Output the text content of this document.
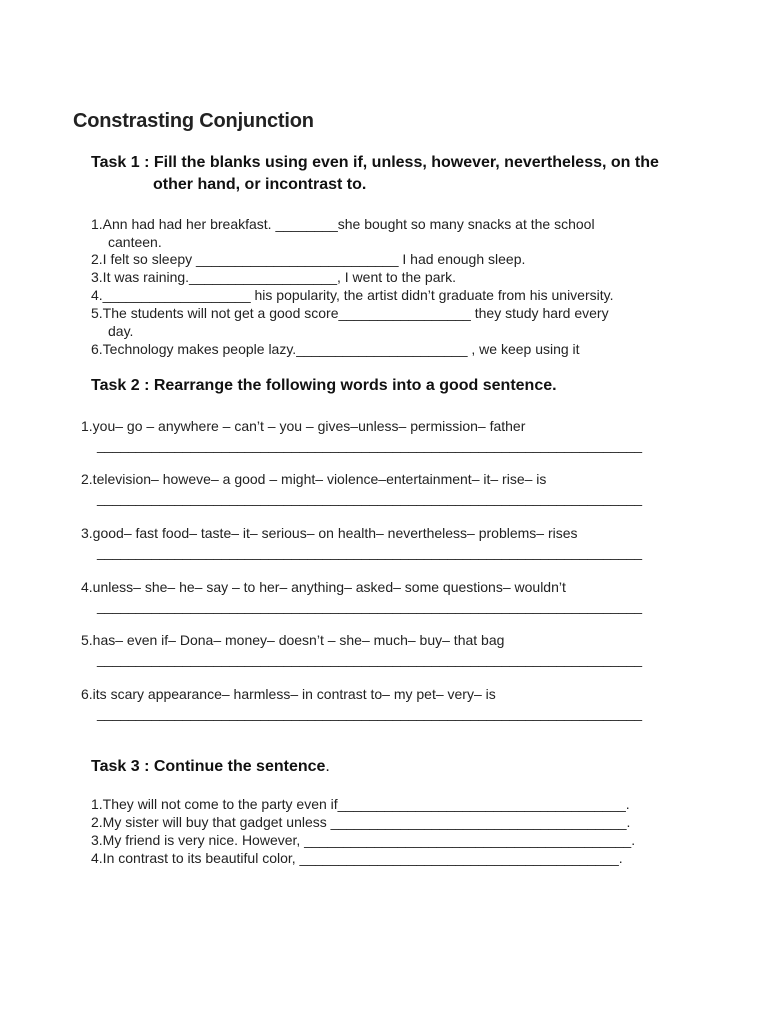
Constrasting Conjunction
Task 1 : Fill the blanks using even if, unless, however, nevertheless, on the
other hand, or incontrast to.
1.Ann had had her breakfast. ________she bought so many snacks at the school
canteen.
2.I felt so sleepy __________________________ I had enough sleep.
3.It was raining.___________________, I went to the park.
4.___________________ his popularity, the artist didn’t graduate from his university.
5.The students will not get a good score_________________ they study hard every
day.
6.Technology makes people lazy.______________________ , we keep using it
Task 2 : Rearrange the following words into a good sentence.
1.you– go – anywhere – can’t – you – gives–unless– permission– father
______________________________________________________________________
2.television– howeve– a good – might– violence–entertainment– it– rise– is
______________________________________________________________________
3.good– fast food– taste– it– serious– on health– nevertheless– problems– rises
______________________________________________________________________
4.unless– she– he– say – to her– anything– asked– some questions– wouldn’t
______________________________________________________________________
5.has– even if– Dona– money– doesn’t – she– much– buy– that bag
______________________________________________________________________
6.its scary appearance– harmless– in contrast to– my pet– very– is
______________________________________________________________________
Task 3 : Continue the sentence.
1.They will not come to the party even if_____________________________________.
2.My sister will buy that gadget unless ______________________________________.
3.My friend is very nice. However, __________________________________________.
4.In contrast to its beautiful color, _________________________________________.
